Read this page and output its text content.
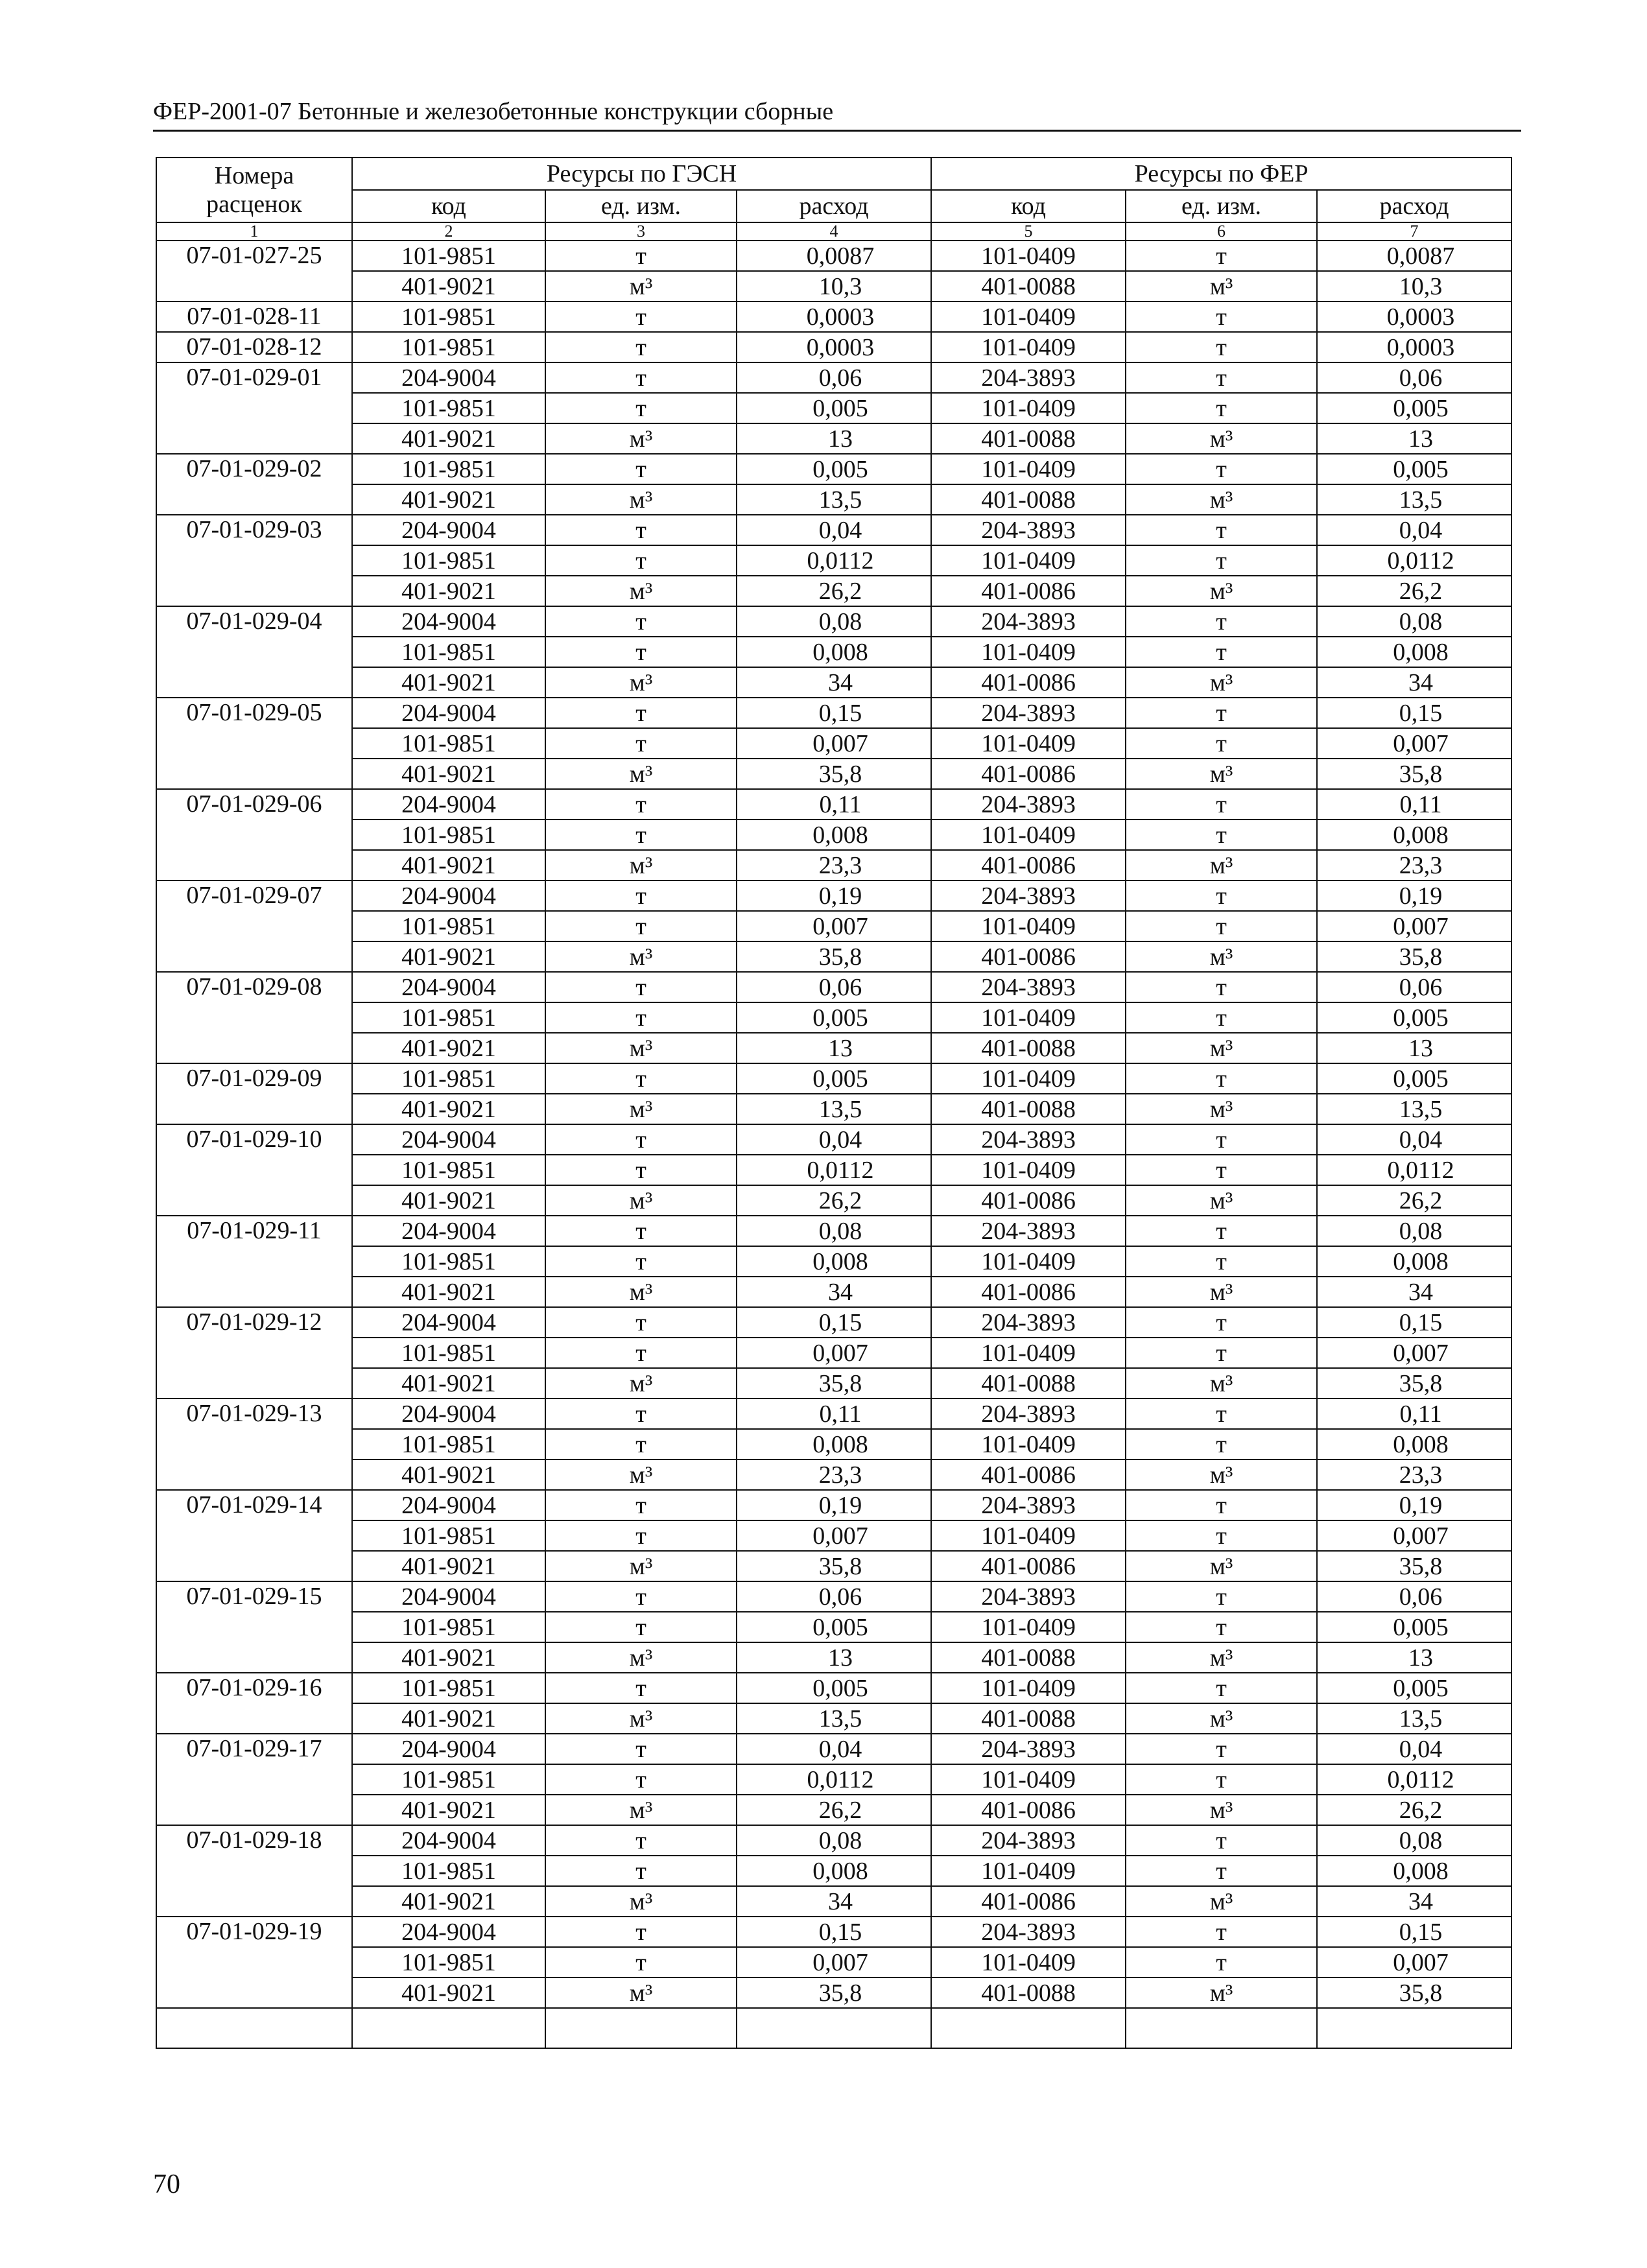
ФЕР-2001-07 Бетонные и железобетонные конструкции сборные
Номера расценок	Ресурсы по ГЭСН			Ресурсы по ФЕР		
	код	ед. изм.	расход	код	ед. изм.	расход
1	2	3	4	5	6	7
07-01-027-25	101-9851	т	0,0087	101-0409	т	0,0087
	401-9021	м³	10,3	401-0088	м³	10,3
07-01-028-11	101-9851	т	0,0003	101-0409	т	0,0003
07-01-028-12	101-9851	т	0,0003	101-0409	т	0,0003
07-01-029-01	204-9004	т	0,06	204-3893	т	0,06
	101-9851	т	0,005	101-0409	т	0,005
	401-9021	м³	13	401-0088	м³	13
07-01-029-02	101-9851	т	0,005	101-0409	т	0,005
	401-9021	м³	13,5	401-0088	м³	13,5
07-01-029-03	204-9004	т	0,04	204-3893	т	0,04
	101-9851	т	0,0112	101-0409	т	0,0112
	401-9021	м³	26,2	401-0086	м³	26,2
07-01-029-04	204-9004	т	0,08	204-3893	т	0,08
	101-9851	т	0,008	101-0409	т	0,008
	401-9021	м³	34	401-0086	м³	34
07-01-029-05	204-9004	т	0,15	204-3893	т	0,15
	101-9851	т	0,007	101-0409	т	0,007
	401-9021	м³	35,8	401-0086	м³	35,8
07-01-029-06	204-9004	т	0,11	204-3893	т	0,11
	101-9851	т	0,008	101-0409	т	0,008
	401-9021	м³	23,3	401-0086	м³	23,3
07-01-029-07	204-9004	т	0,19	204-3893	т	0,19
	101-9851	т	0,007	101-0409	т	0,007
	401-9021	м³	35,8	401-0086	м³	35,8
07-01-029-08	204-9004	т	0,06	204-3893	т	0,06
	101-9851	т	0,005	101-0409	т	0,005
	401-9021	м³	13	401-0088	м³	13
07-01-029-09	101-9851	т	0,005	101-0409	т	0,005
	401-9021	м³	13,5	401-0088	м³	13,5
07-01-029-10	204-9004	т	0,04	204-3893	т	0,04
	101-9851	т	0,0112	101-0409	т	0,0112
	401-9021	м³	26,2	401-0086	м³	26,2
07-01-029-11	204-9004	т	0,08	204-3893	т	0,08
	101-9851	т	0,008	101-0409	т	0,008
	401-9021	м³	34	401-0086	м³	34
07-01-029-12	204-9004	т	0,15	204-3893	т	0,15
	101-9851	т	0,007	101-0409	т	0,007
	401-9021	м³	35,8	401-0088	м³	35,8
07-01-029-13	204-9004	т	0,11	204-3893	т	0,11
	101-9851	т	0,008	101-0409	т	0,008
	401-9021	м³	23,3	401-0086	м³	23,3
07-01-029-14	204-9004	т	0,19	204-3893	т	0,19
	101-9851	т	0,007	101-0409	т	0,007
	401-9021	м³	35,8	401-0086	м³	35,8
07-01-029-15	204-9004	т	0,06	204-3893	т	0,06
	101-9851	т	0,005	101-0409	т	0,005
	401-9021	м³	13	401-0088	м³	13
07-01-029-16	101-9851	т	0,005	101-0409	т	0,005
	401-9021	м³	13,5	401-0088	м³	13,5
07-01-029-17	204-9004	т	0,04	204-3893	т	0,04
	101-9851	т	0,0112	101-0409	т	0,0112
	401-9021	м³	26,2	401-0086	м³	26,2
07-01-029-18	204-9004	т	0,08	204-3893	т	0,08
	101-9851	т	0,008	101-0409	т	0,008
	401-9021	м³	34	401-0086	м³	34
07-01-029-19	204-9004	т	0,15	204-3893	т	0,15
	101-9851	т	0,007	101-0409	т	0,007
	401-9021	м³	35,8	401-0088	м³	35,8

70
